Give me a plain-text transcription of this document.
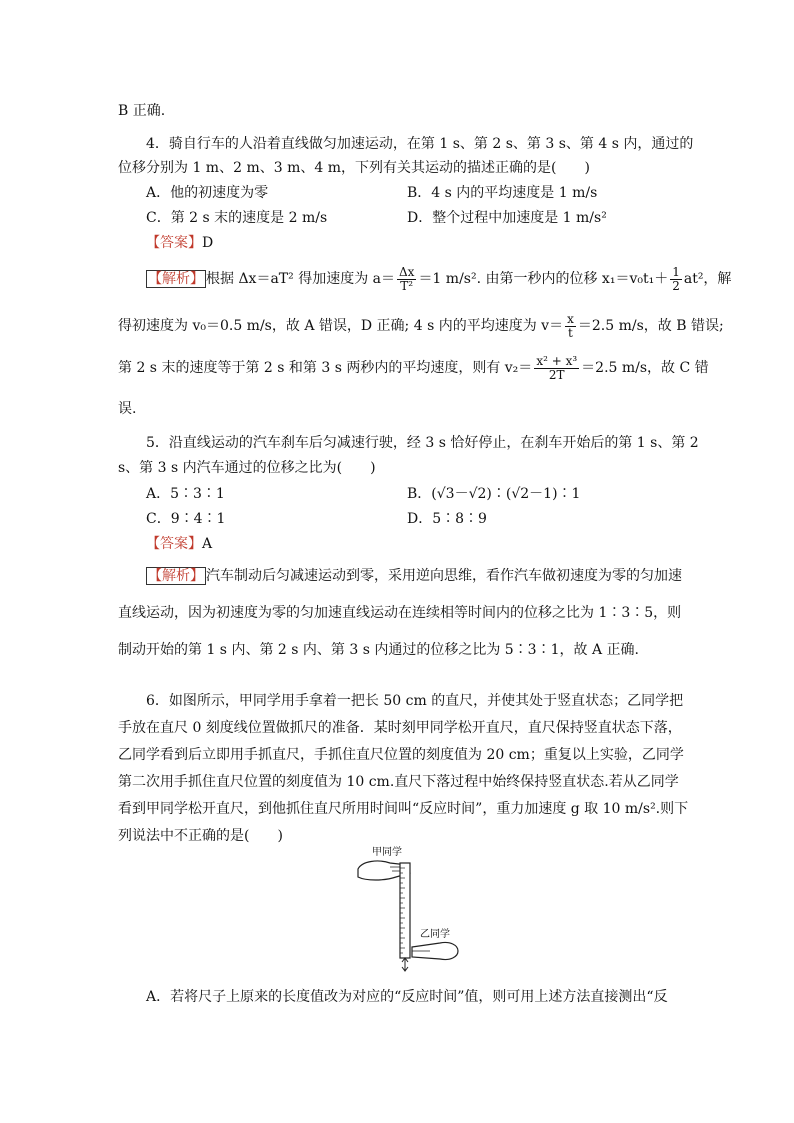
B 正确.
4．骑自行车的人沿着直线做匀加速运动，在第 1 s、第 2 s、第 3 s、第 4 s 内，通过的
位移分别为 1 m、2 m、3 m、4 m，下列有关其运动的描述正确的是(　　)
A．他的初速度为零	B．4 s 内的平均速度是 1 m/s
C．第 2 s 末的速度是 2 m/s	D．整个过程中加速度是 1 m/s²
【答案】D
【解析】 根据 Δx＝aT² 得加速度为 $a= \frac{\Delta x}{\text{T²}} =1$ m/s². 由第一秒内的位移 $x_1=v_0t_1+ \frac{1}{2} at^2$，解
得初速度为 v₀＝0.5 m/s，故 A 错误，D 正确; 4 s 内的平均速度为 $v= \frac{x}{t} =2.5$ m/s，故 B 错误;
第 2 s 末的速度等于第 2 s 和第 3 s 两秒内的平均速度，则有 $v_2= \frac{\text{x² + x³}}{2T} =2.5$ m/s，故 C 错
误.
5．沿直线运动的汽车刹车后匀减速行驶，经 3 s 恰好停止，在刹车开始后的第 1 s、第 2
s、第 3 s 内汽车通过的位移之比为(　　)
A．5∶3∶1	B．(√3－√2)∶(√2－1)∶1
C．9∶4∶1	D．5∶8∶9
【答案】A
【解析】 汽车制动后匀减速运动到零，采用逆向思维，看作汽车做初速度为零的匀加速
直线运动，因为初速度为零的匀加速直线运动在连续相等时间内的位移之比为 1∶3∶5，则
制动开始的第 1 s 内、第 2 s 内、第 3 s 内通过的位移之比为 5∶3∶1，故 A 正确.
6．如图所示，甲同学用手拿着一把长 50 cm 的直尺，并使其处于竖直状态；乙同学把
手放在直尺 0 刻度线位置做抓尺的准备．某时刻甲同学松开直尺，直尺保持竖直状态下落，
乙同学看到后立即用手抓直尺，手抓住直尺位置的刻度值为 20 cm；重复以上实验，乙同学
第二次用手抓住直尺位置的刻度值为 10 cm.直尺下落过程中始终保持竖直状态.若从乙同学
看到甲同学松开直尺，到他抓住直尺所用时间叫“反应时间”，重力加速度 g 取 10 m/s².则下
列说法中不正确的是(　　)
甲同学
乙同学
A．若将尺子上原来的长度值改为对应的“反应时间”值，则可用上述方法直接测出“反
